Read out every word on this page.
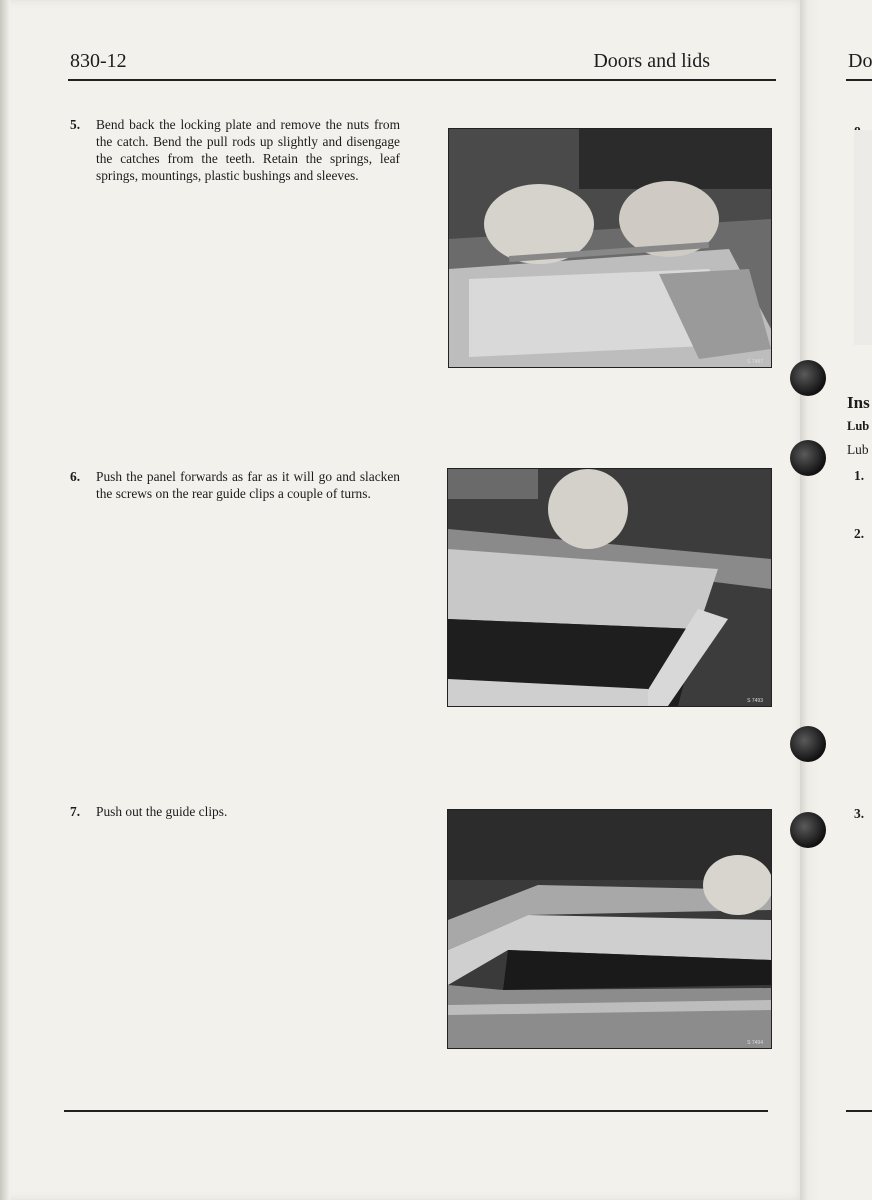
830-12	Doors and lids
5.	Bend back the locking plate and remove the nuts from the catch. Bend the pull rods up slightly and disengage the catches from the teeth. Retain the springs, leaf springs, mountings, plastic bushings and sleeves.
S 7487
6.	Push the panel forwards as far as it will go and slacken the screws on the rear guide clips a couple of turns.
S 7493
7.	Push out the guide clips.
S 7494
Do
Ins
Lub
Lub
1.
2.
3.
